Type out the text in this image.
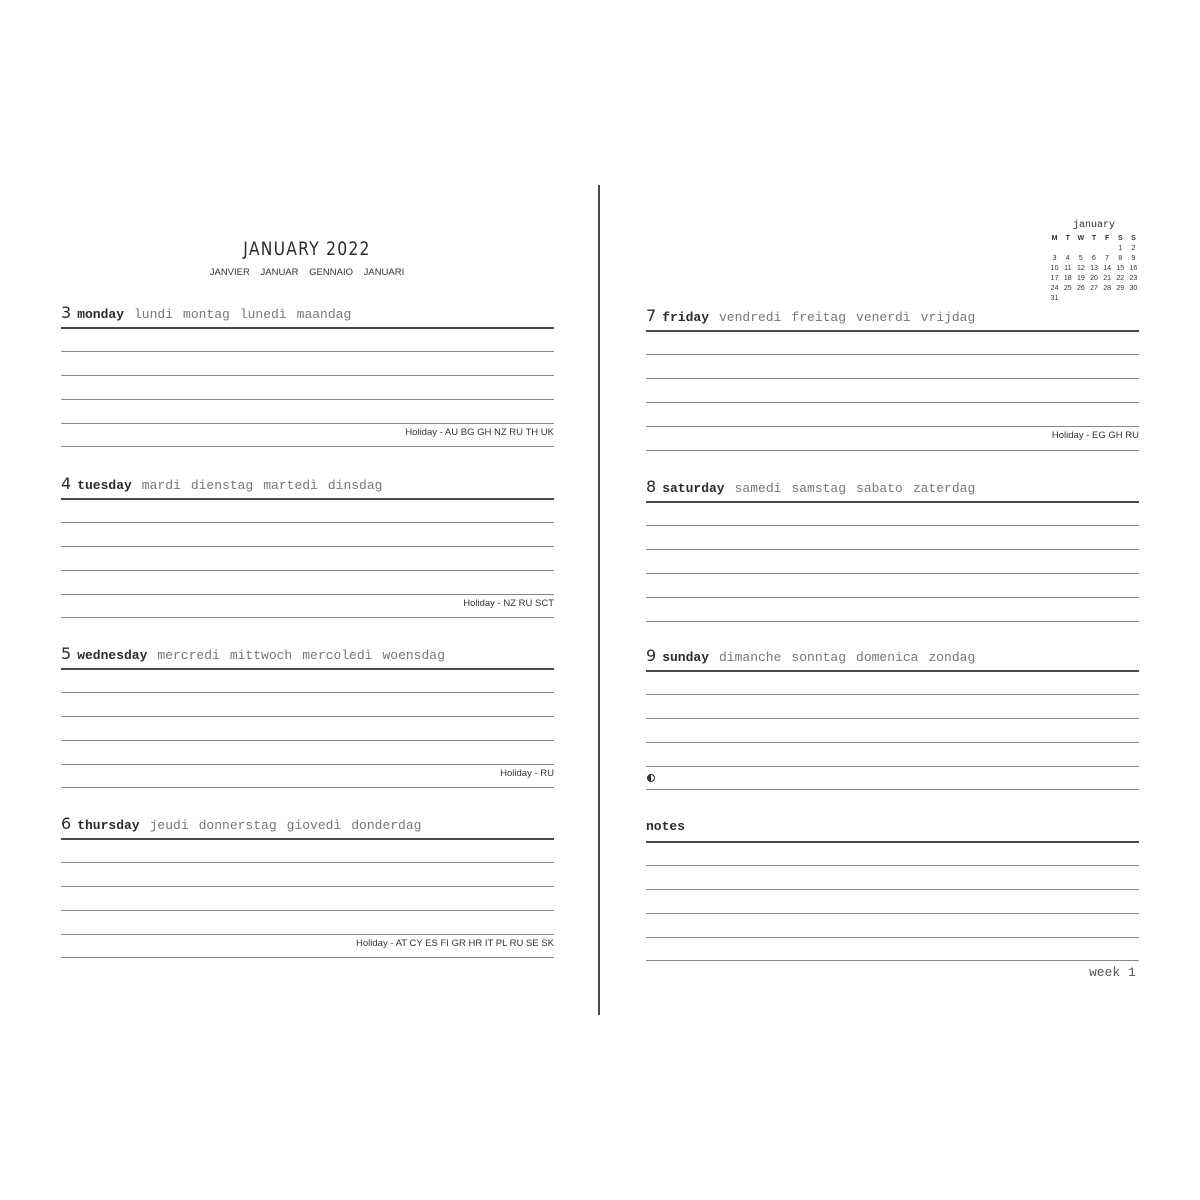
JANUARY 2022
JANVIER JANUAR GENNAIO JANUARI
3 monday lundi montag lunedì maandag
Holiday - AU BG GH NZ RU TH UK
4 tuesday mardi dienstag martedì dinsdag
Holiday - NZ RU SCT
5 wednesday mercredi mittwoch mercoledì woensdag
Holiday - RU
6 thursday jeudi donnerstag giovedì donderdag
Holiday - AT CY ES FI GR HR IT PL RU SE SK
january
M	T	W	T	F	S	S
					1	2
3	4	5	6	7	8	9
10	11	12	13	14	15	16
17	18	19	20	21	22	23
24	25	26	27	28	29	30
31						
7 friday vendredi freitag venerdì vrijdag
Holiday - EG GH RU
8 saturday samedi samstag sabato zaterdag
9 sunday dimanche sonntag domenica zondag
notes
week 1
